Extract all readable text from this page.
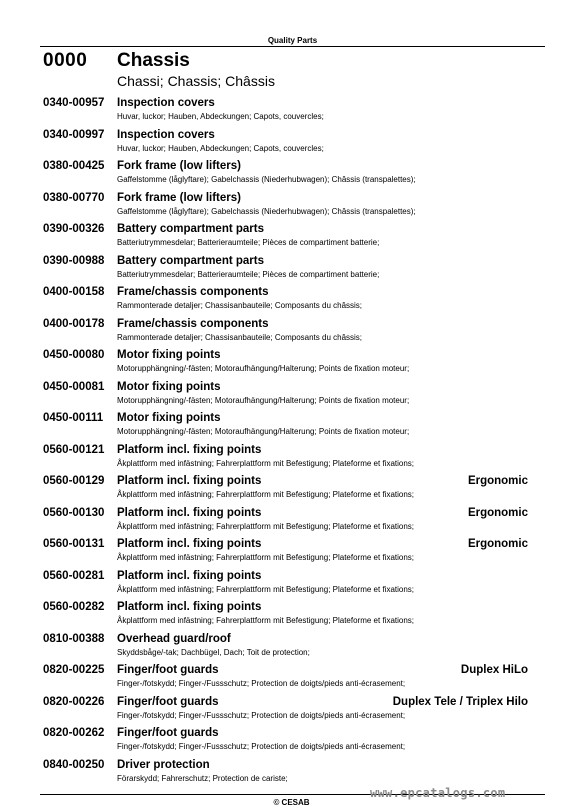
Quality Parts
0000 Chassis
Chassi; Chassis; Châssis
0340-00957 Inspection covers
Huvar, luckor; Hauben, Abdeckungen; Capots, couvercles;
0340-00997 Inspection covers
Huvar, luckor; Hauben, Abdeckungen; Capots, couvercles;
0380-00425 Fork frame (low lifters)
Gaffelstomme (låglyftare); Gabelchassis (Niederhubwagen); Châssis (transpalettes);
0380-00770 Fork frame (low lifters)
Gaffelstomme (låglyftare); Gabelchassis (Niederhubwagen); Châssis (transpalettes);
0390-00326 Battery compartment parts
Batteriutrymmesdelar; Batterieraumteile; Pièces de compartiment batterie;
0390-00988 Battery compartment parts
Batteriutrymmesdelar; Batterieraumteile; Pièces de compartiment batterie;
0400-00158 Frame/chassis components
Rammonterade detaljer; Chassisanbauteile; Composants du châssis;
0400-00178 Frame/chassis components
Rammonterade detaljer; Chassisanbauteile; Composants du châssis;
0450-00080 Motor fixing points
Motorupphängning/-fästen; Motoraufhängung/Halterung; Points de fixation moteur;
0450-00081 Motor fixing points
Motorupphängning/-fästen; Motoraufhängung/Halterung; Points de fixation moteur;
0450-00111 Motor fixing points
Motorupphängning/-fästen; Motoraufhängung/Halterung; Points de fixation moteur;
0560-00121 Platform incl. fixing points
Åkplattform med infästning; Fahrerplattform mit Befestigung; Plateforme et fixations;
0560-00129 Platform incl. fixing points	Ergonomic
Åkplattform med infästning; Fahrerplattform mit Befestigung; Plateforme et fixations;
0560-00130 Platform incl. fixing points	Ergonomic
Åkplattform med infästning; Fahrerplattform mit Befestigung; Plateforme et fixations;
0560-00131 Platform incl. fixing points	Ergonomic
Åkplattform med infästning; Fahrerplattform mit Befestigung; Plateforme et fixations;
0560-00281 Platform incl. fixing points
Åkplattform med infästning; Fahrerplattform mit Befestigung; Plateforme et fixations;
0560-00282 Platform incl. fixing points
Åkplattform med infästning; Fahrerplattform mit Befestigung; Plateforme et fixations;
0810-00388 Overhead guard/roof
Skyddsbåge/-tak; Dachbügel, Dach; Toit de protection;
0820-00225 Finger/foot guards	Duplex HiLo
Finger-/fotskydd; Finger-/Fussschutz; Protection de doigts/pieds anti-écrasement;
0820-00226 Finger/foot guards	Duplex Tele / Triplex Hilo
Finger-/fotskydd; Finger-/Fussschutz; Protection de doigts/pieds anti-écrasement;
0820-00262 Finger/foot guards
Finger-/fotskydd; Finger-/Fussschutz; Protection de doigts/pieds anti-écrasement;
0840-00250 Driver protection
Förarskydd; Fahrerschutz; Protection de cariste;
© CESAB
www.epcatalogs.com
